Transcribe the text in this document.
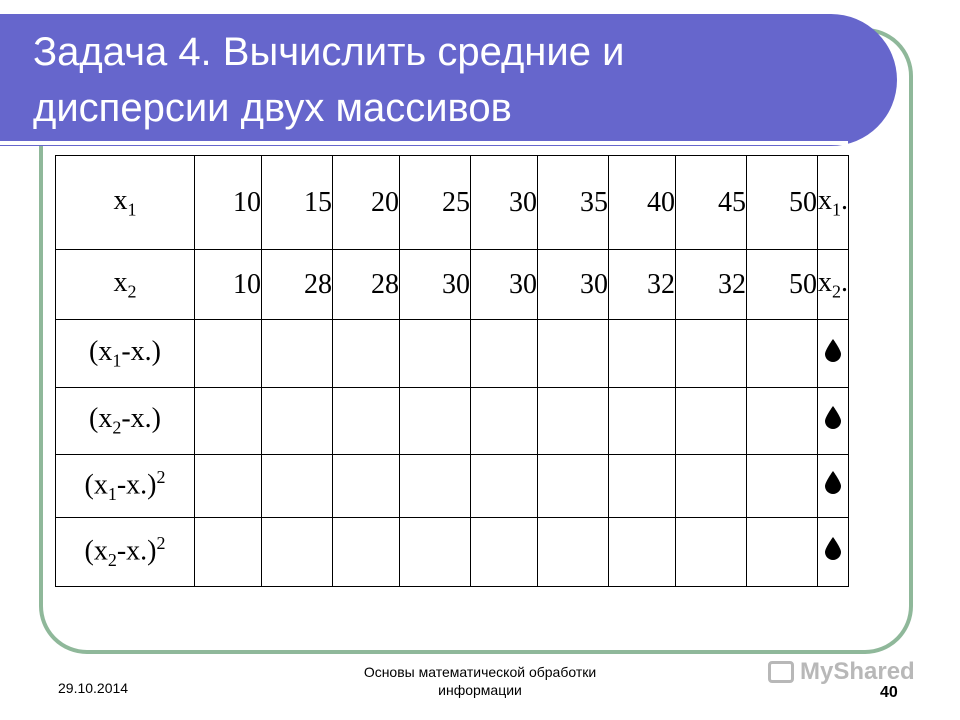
Задача 4. Вычислить средние и
дисперсии двух массивов
$x_1$	10	15	20	25	30	35	40	45	50	$x_1$.
$x_2$	10	28	28	30	30	30	32	32	50	$x_2$.
$(x_1-x.)$										
$(x_2-x.)$										
$(x_1-x.)^2$										
$(x_2-x.)^2$										
29.10.2014
Основы математической обработки
информации
MyShared
40
